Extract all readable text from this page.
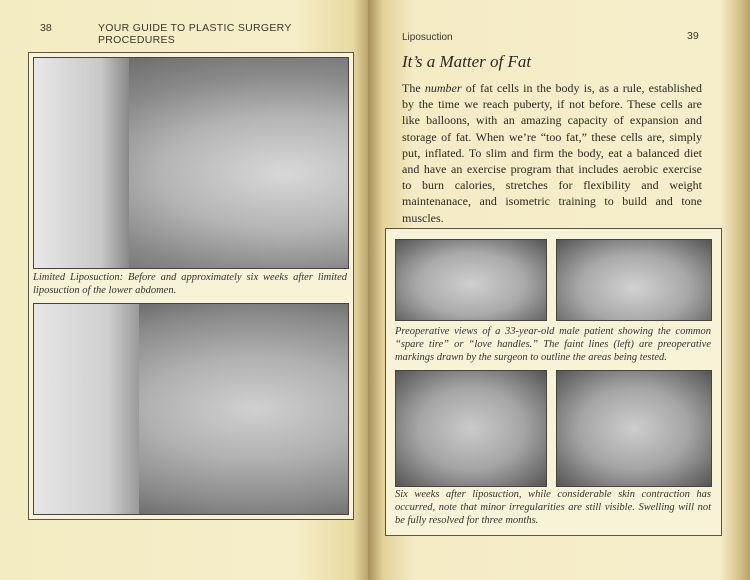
38	YOUR GUIDE TO PLASTIC SURGERY PROCEDURES
Limited Liposuction: Before and approximately six weeks after limited liposuction of the lower abdomen.
Liposuction	39
It’s a Matter of Fat

The number of fat cells in the body is, as a rule, established by the time we reach puberty, if not before. These cells are like balloons, with an amazing capacity of expansion and storage of fat. When we’re “too fat,” these cells are, simply put, inflated. To slim and firm the body, eat a balanced diet and have an exercise program that includes aerobic exercise to burn calories, stretches for flexibility and weight maintenanace, and isometric training to build and tone muscles.

Preoperative views of a 33-year-old male patient showing the common “spare tire” or “love handles.” The faint lines (left) are preoperative markings drawn by the surgeon to outline the areas being tested.
Six weeks after liposuction, while considerable skin contraction has occurred, note that minor irregularities are still visible. Swelling will not be fully resolved for three months.
